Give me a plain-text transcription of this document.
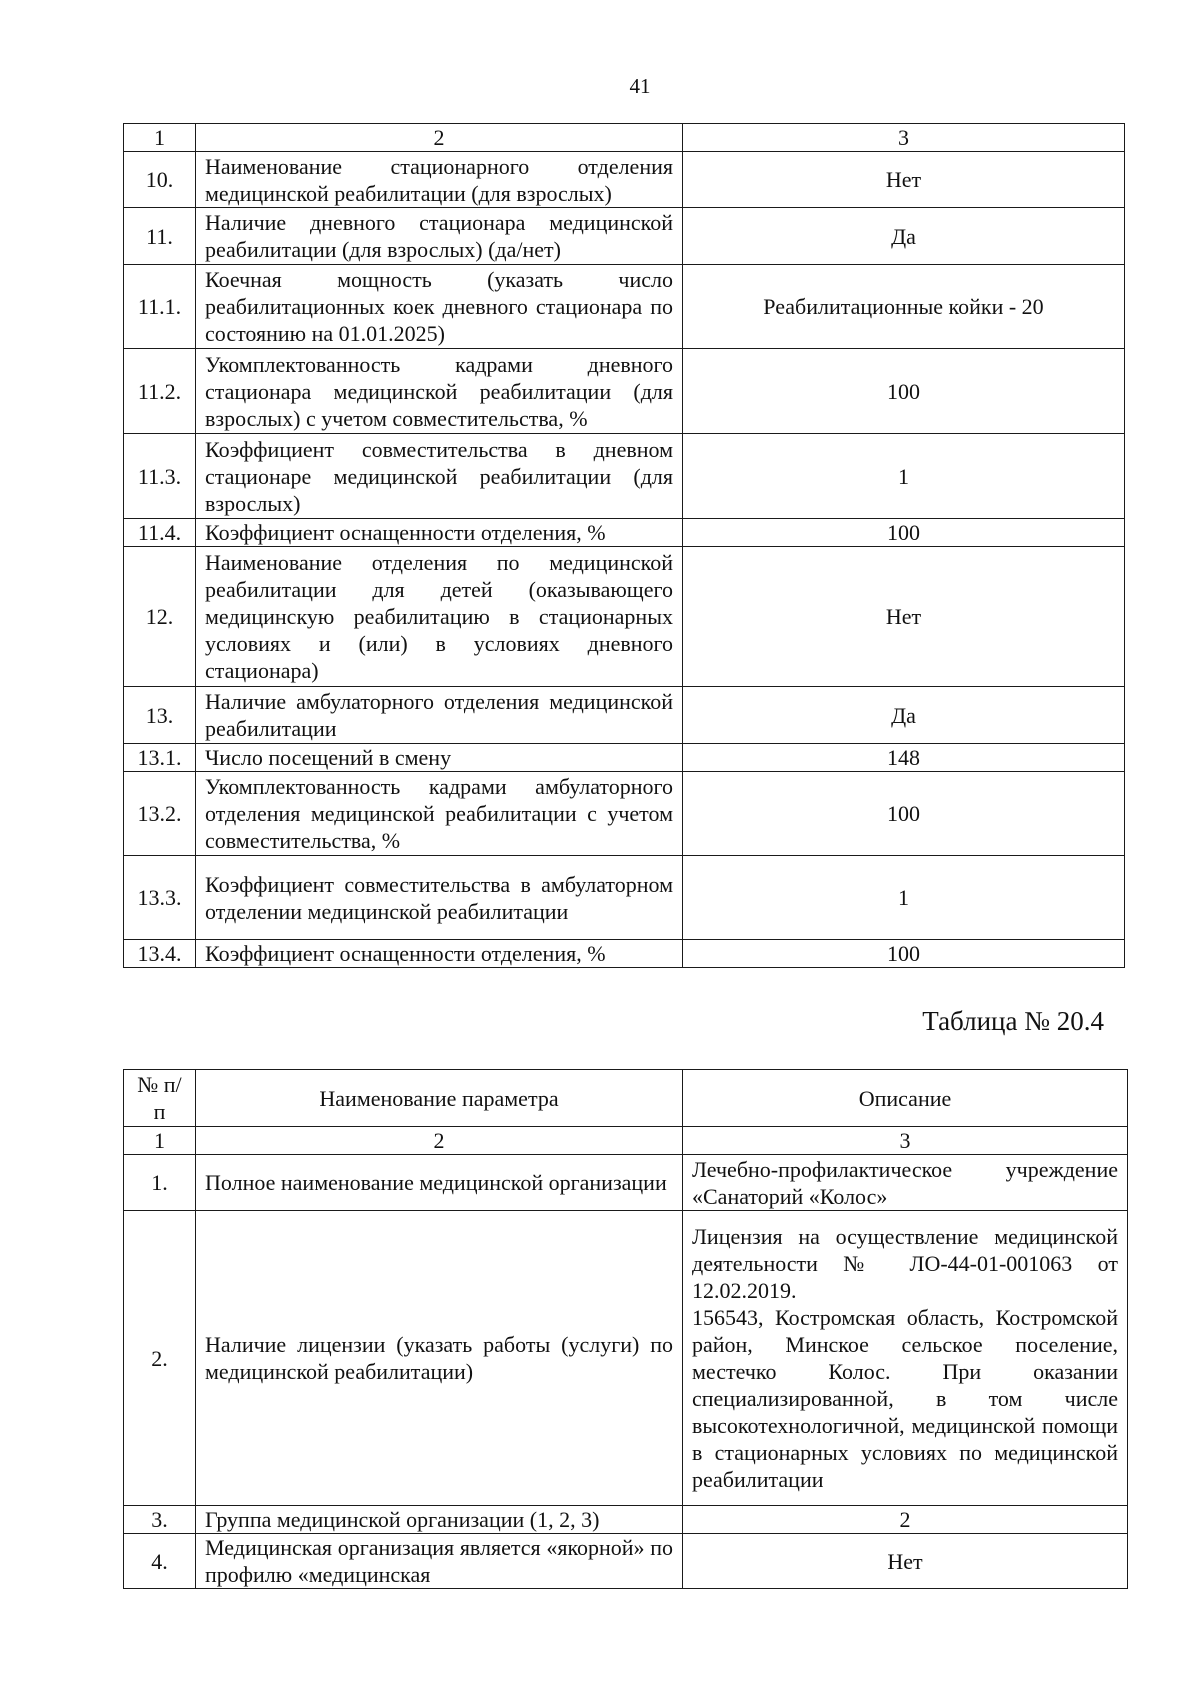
41
1	2	3
10.	Наименование стационарного отделения медицинской реабилитации (для взрослых)	Нет
11.	Наличие дневного стационара медицинской реабилитации (для взрослых) (да/нет)	Да
11.1.	Коечная мощность (указать число реабилитационных коек дневного стационара по состоянию на 01.01.2025)	Реабилитационные койки - 20
11.2.	Укомплектованность кадрами дневного стационара медицинской реабилитации (для взрослых) с учетом совместительства, %	100
11.3.	Коэффициент совместительства в дневном стационаре медицинской реабилитации (для взрослых)	1
11.4.	Коэффициент оснащенности отделения, %	100
12.	Наименование отделения по медицинской реабилитации для детей (оказывающего медицинскую реабилитацию в стационарных условиях и (или) в условиях дневного стационара)	Нет
13.	Наличие амбулаторного отделения медицинской реабилитации	Да
13.1.	Число посещений в смену	148
13.2.	Укомплектованность кадрами амбулаторного отделения медицинской реабилитации с учетом совместительства, %	100
13.3.	Коэффициент совместительства в амбулаторном отделении медицинской реабилитации	1
13.4.	Коэффициент оснащенности отделения, %	100
Таблица № 20.4
№ п/п	Наименование параметра	Описание
1	2	3
1.	Полное наименование медицинской организации	Лечебно-профилактическое учреждение «Санаторий «Колос»
2.	Наличие лицензии (указать работы (услуги) по медицинской реабилитации)	Лицензия на осуществление медицинской деятельности № ЛО-44-01-001063 от 12.02.2019.
156543, Костромская область, Костромской район, Минское сельское поселение, местечко Колос. При оказании специализированной, в том числе высокотехнологичной, медицинской помощи в стационарных условиях по медицинской реабилитации

3.	Группа медицинской организации (1, 2, 3)	2
4.	Медицинская организация является «якорной» по профилю «медицинская	Нет
